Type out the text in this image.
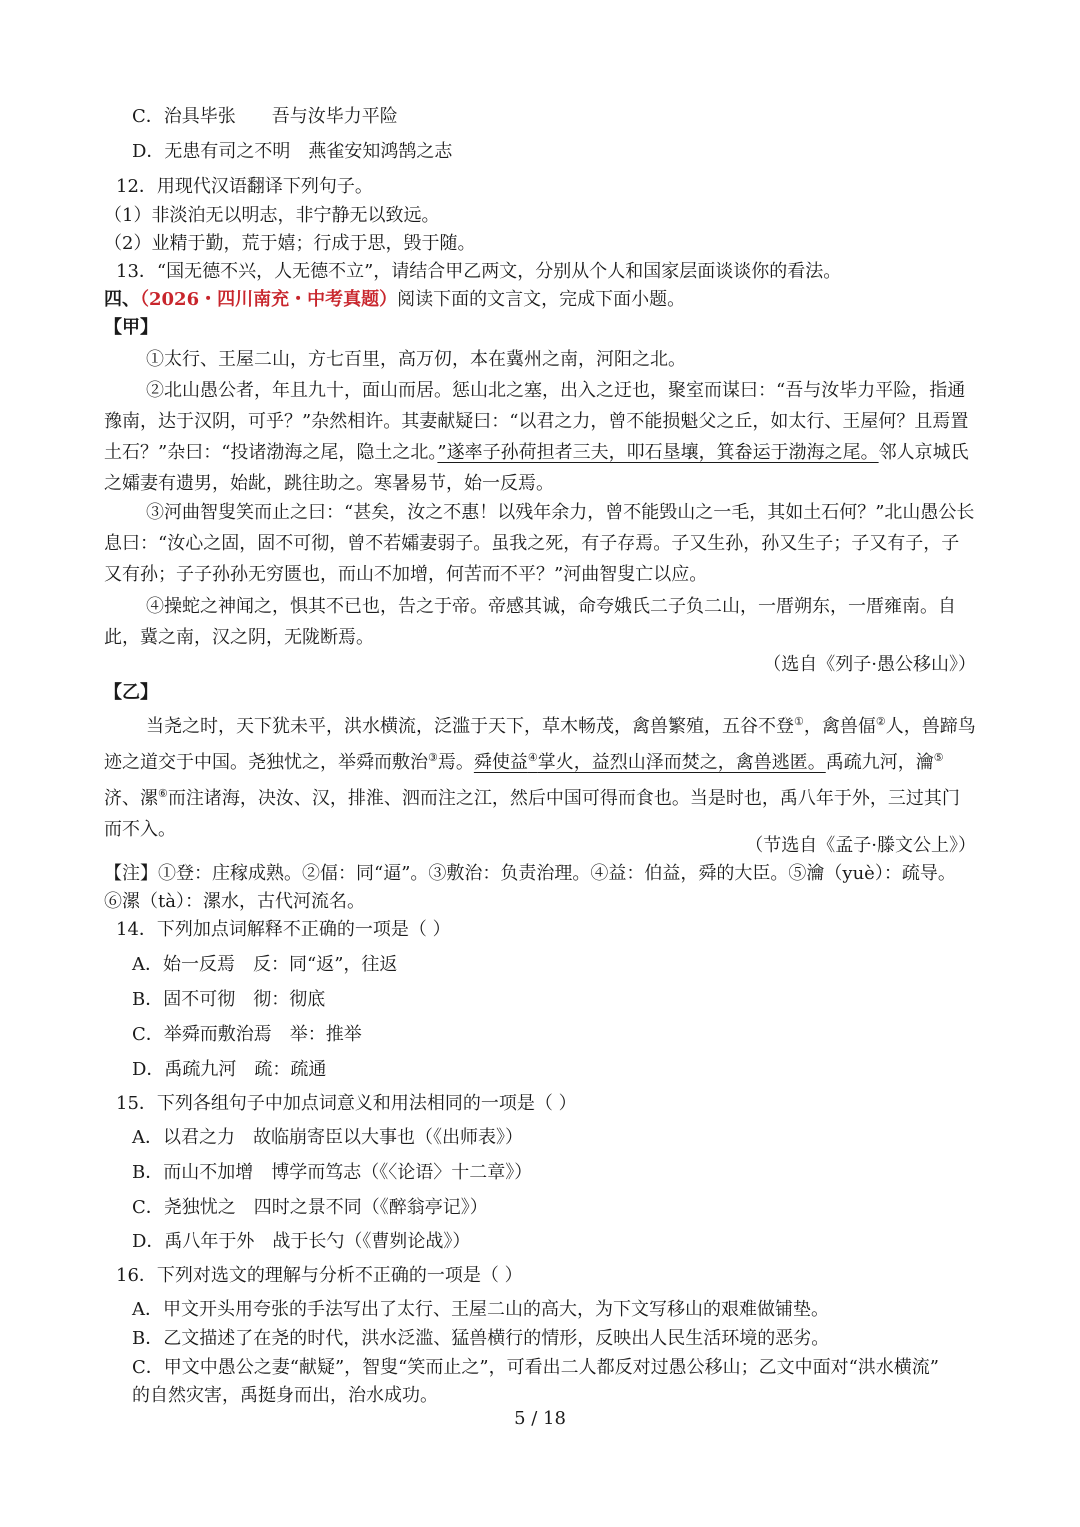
C．治具毕张　　吾与汝毕力平险
D．无患有司之不明　燕雀安知鸿鹄之志
12．用现代汉语翻译下列句子。
（1）非淡泊无以明志，非宁静无以致远。
（2）业精于勤，荒于嬉；行成于思，毁于随。
13．“国无德不兴，人无德不立”，请结合甲乙两文，分别从个人和国家层面谈谈你的看法。
四、（2026・四川南充・中考真题）阅读下面的文言文，完成下面小题。
【甲】
①太行、王屋二山，方七百里，高万仞，本在冀州之南，河阳之北。
②北山愚公者，年且九十，面山而居。惩山北之塞，出入之迂也，聚室而谋曰：“吾与汝毕力平险，指通豫南，达于汉阴，可乎？”杂然相许。其妻献疑曰：“以君之力，曾不能损魁父之丘，如太行、王屋何？且焉置土石？”杂曰：“投诸渤海之尾，隐土之北。”遂率子孙荷担者三夫，叩石垦壤，箕畚运于渤海之尾。邻人京城氏之孀妻有遗男，始龀，跳往助之。寒暑易节，始一反焉。
③河曲智叟笑而止之曰：“甚矣，汝之不惠！以残年余力，曾不能毁山之一毛，其如土石何？”北山愚公长息曰：“汝心之固，固不可彻，曾不若孀妻弱子。虽我之死，有子存焉。子又生孙，孙又生子；子又有子，子又有孙；子子孙孙无穷匮也，而山不加增，何苦而不平？”河曲智叟亡以应。
④操蛇之神闻之，惧其不已也，告之于帝。帝感其诚，命夸娥氏二子负二山，一厝朔东，一厝雍南。自此，冀之南，汉之阴，无陇断焉。
（选自《列子·愚公移山》）
【乙】
当尧之时，天下犹未平，洪水横流，泛滥于天下，草木畅茂，禽兽繁殖，五谷不登①，禽兽偪②人，兽蹄鸟迹之道交于中国。尧独忧之，举舜而敷治③焉。舜使益④掌火，益烈山泽而焚之，禽兽逃匿。禹疏九河，瀹⑤济、漯⑥而注诸海，决汝、汉，排淮、泗而注之江，然后中国可得而食也。当是时也，禹八年于外，三过其门而不入。
（节选自《孟子·滕文公上》）
【注】①登：庄稼成熟。②偪：同“逼”。③敷治：负责治理。④益：伯益，舜的大臣。⑤瀹（yuè）：疏导。
⑥漯（tà）：漯水，古代河流名。
14．下列加点词解释不正确的一项是（ ）
A．始一反焉　反：同“返”，往返
B．固不可彻　彻：彻底
C．举舜而敷治焉　举：推举
D．禹疏九河　疏：疏通
15．下列各组句子中加点词意义和用法相同的一项是（ ）
A．以君之力　故临崩寄臣以大事也（《出师表》）
B．而山不加增　博学而笃志（《〈论语〉十二章》）
C．尧独忧之　四时之景不同（《醉翁亭记》）
D．禹八年于外　战于长勺（《曹刿论战》）
16．下列对选文的理解与分析不正确的一项是（ ）
A．甲文开头用夸张的手法写出了太行、王屋二山的高大，为下文写移山的艰难做铺垫。
B．乙文描述了在尧的时代，洪水泛滥、猛兽横行的情形，反映出人民生活环境的恶劣。
C．甲文中愚公之妻“献疑”，智叟“笑而止之”，可看出二人都反对过愚公移山；乙文中面对“洪水横流”
的自然灾害，禹挺身而出，治水成功。
5 / 18
